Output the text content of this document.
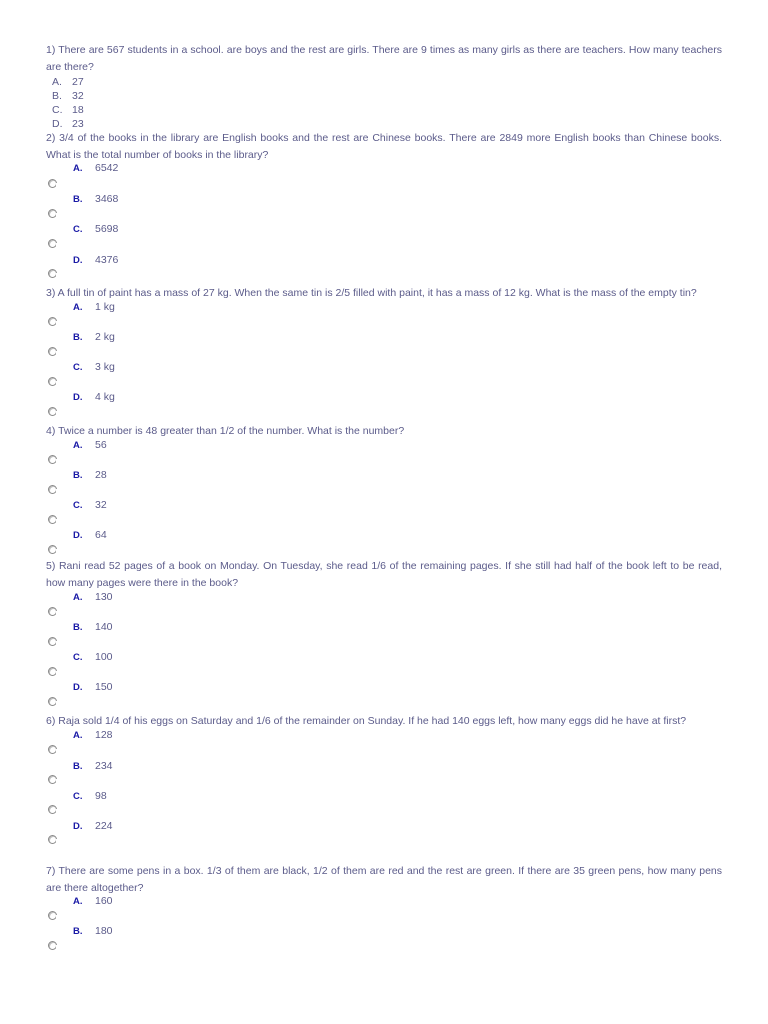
1) There are 567 students in a school. are boys and the rest are girls. There are 9 times as many girls as there are teachers. How many teachers are there?

A. 27
B. 32
C. 18
D. 23

2) 3/4 of the books in the library are English books and the rest are Chinese books. There are 2849 more English books than Chinese books. What is the total number of books in the library?

A. 6542
B. 3468
C. 5698
D. 4376

3) A full tin of paint has a mass of 27 kg. When the same tin is 2/5 filled with paint, it has a mass of 12 kg. What is the mass of the empty tin?

A. 1 kg
B. 2 kg
C. 3 kg
D. 4 kg

4) Twice a number is 48 greater than 1/2 of the number. What is the number?

A. 56
B. 28
C. 32
D. 64

5) Rani read 52 pages of a book on Monday. On Tuesday, she read 1/6 of the remaining pages. If she still had half of the book left to be read, how many pages were there in the book?

A. 130
B. 140
C. 100
D. 150

6) Raja sold 1/4 of his eggs on Saturday and 1/6 of the remainder on Sunday. If he had 140 eggs left, how many eggs did he have at first?

A. 128
B. 234
C. 98
D. 224

7) There are some pens in a box. 1/3 of them are black, 1/2 of them are red and the rest are green. If there are 35 green pens, how many pens are there altogether?

A. 160
B. 180
